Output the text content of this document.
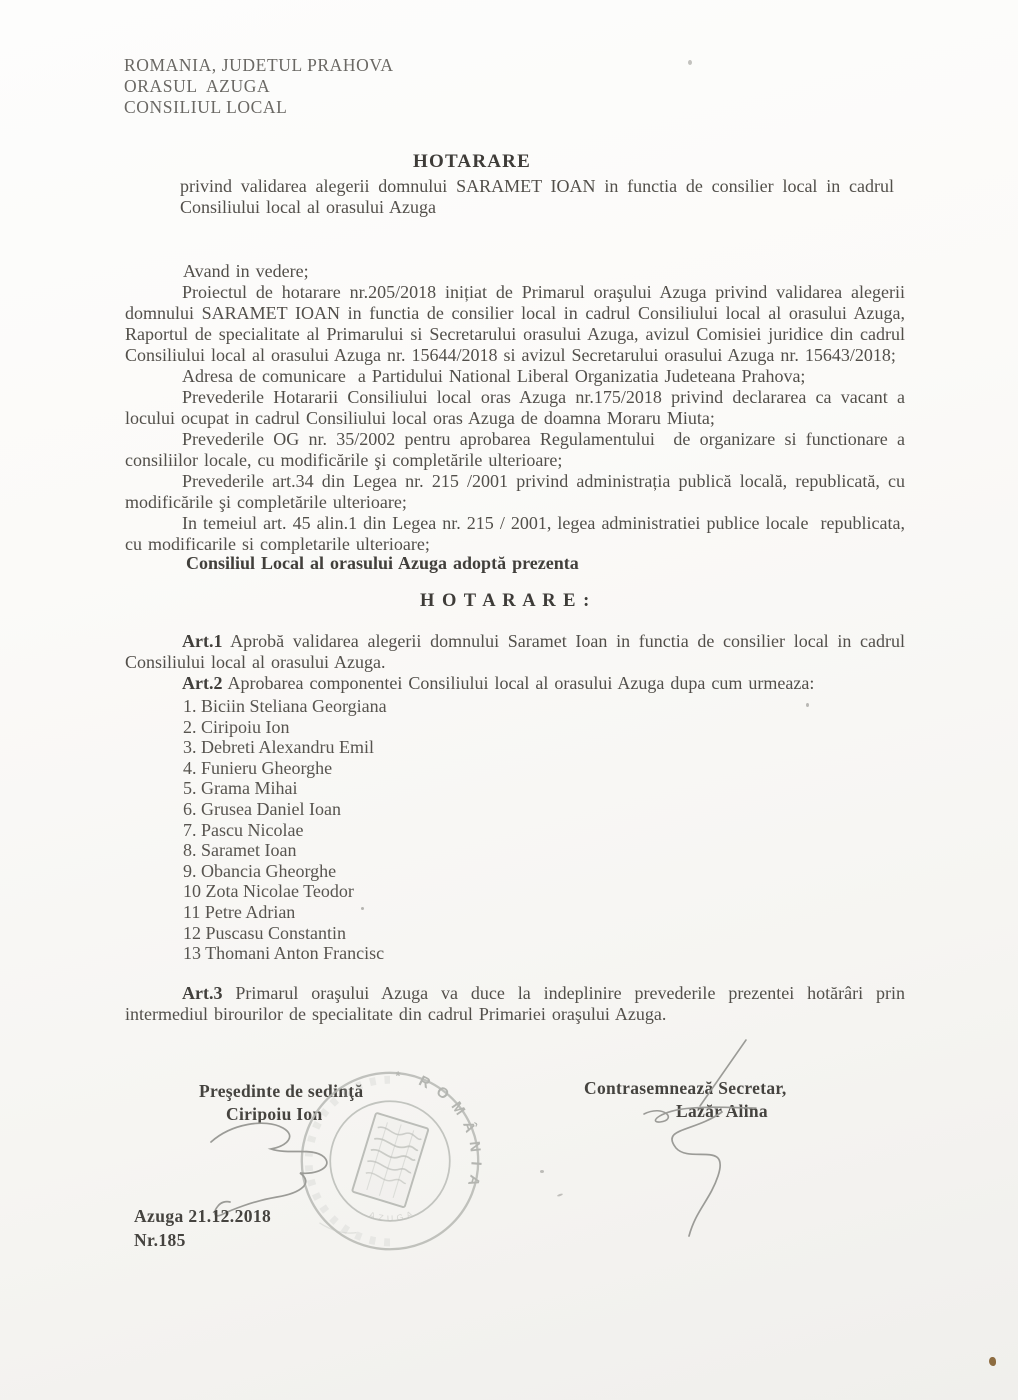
ROMANIA, JUDETUL PRAHOVA
ORASUL  AZUGA
CONSILIUL LOCAL
HOTARARE

privind validarea alegerii domnului SARAMET IOAN in functia de consilier local in cadrul Consiliului local al orasului Azuga

Avand in vedere;

Proiectul de hotarare nr.205/2018 inițiat de Primarul oraşului Azuga privind validarea alegerii domnului SARAMET IOAN in functia de consilier local in cadrul Consiliului local al orasului Azuga, Raportul de specialitate al Primarului si Secretarului orasului Azuga, avizul Comisiei juridice din cadrul Consiliului local al orasului Azuga nr. 15644/2018 si avizul Secretarului orasului Azuga nr. 15643/2018;

Adresa de comunicare  a Partidului National Liberal Organizatia Judeteana Prahova;

Prevederile Hotararii Consiliului local oras Azuga nr.175/2018 privind declararea ca vacant a locului ocupat in cadrul Consiliului local oras Azuga de doamna Moraru Miuta;

Prevederile OG nr. 35/2002 pentru aprobarea Regulamentului  de organizare si functionare a consiliilor locale, cu modificările şi completările ulterioare;

Prevederile art.34 din Legea nr. 215 /2001 privind administrația publică locală, republicată, cu modificările şi completările ulterioare;

In temeiul art. 45 alin.1 din Legea nr. 215 / 2001, legea administratiei publice locale  republicata, cu modificarile si completarile ulterioare;

Consiliul Local al orasului Azuga adoptă prezenta
H O T A R A R E :

Art.1 Aprobă validarea alegerii domnului Saramet Ioan in functia de consilier local in cadrul Consiliului local al orasului Azuga.

Art.2 Aprobarea componentei Consiliului local al orasului Azuga dupa cum urmeaza:

1. Biciin Steliana Georgiana
2. Ciripoiu Ion
3. Debreti Alexandru Emil
4. Funieru Gheorghe
5. Grama Mihai
6. Grusea Daniel Ioan
7. Pascu Nicolae
8. Saramet Ioan
9. Obancia Gheorghe
10 Zota Nicolae Teodor
11 Petre Adrian
12 Puscasu Constantin
13 Thomani Anton Francisc

Art.3 Primarul oraşului Azuga va duce la indeplinire prevederile prezentei hotărâri prin intermediul birourilor de specialitate din cadrul Primariei oraşului Azuga.

Preşedinte de sedinţă
Ciripoiu Ion
Contrasemnează Secretar,
Lazăr Alina
* ROMÂNIA
AZUGA
Azuga 21.12.2018
Nr.185
